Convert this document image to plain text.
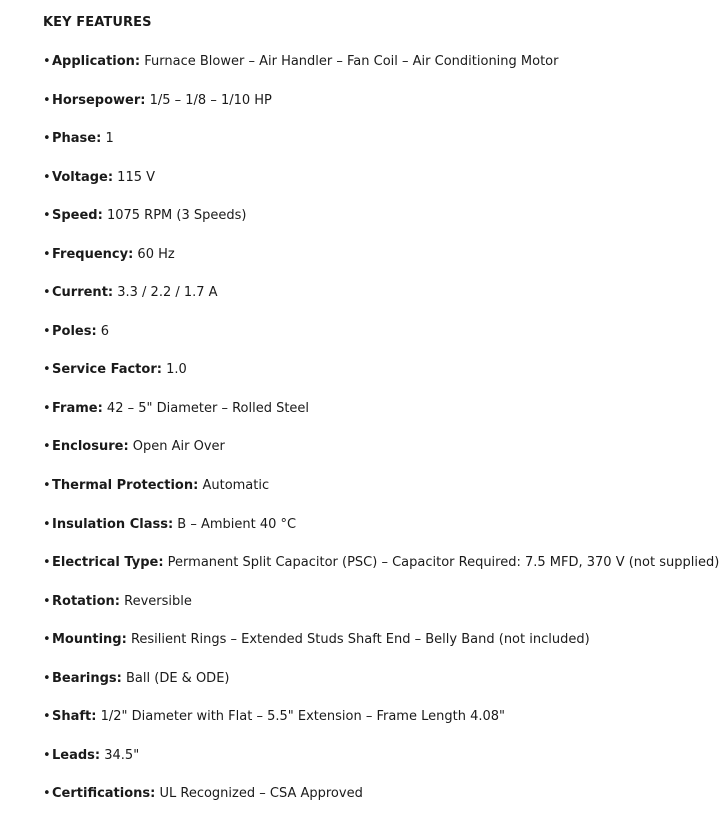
KEY FEATURES
•Application: Furnace Blower – Air Handler – Fan Coil – Air Conditioning Motor
•Horsepower: 1/5 – 1/8 – 1/10 HP
•Phase: 1
•Voltage: 115 V
•Speed: 1075 RPM (3 Speeds)
•Frequency: 60 Hz
•Current: 3.3 / 2.2 / 1.7 A
•Poles: 6
•Service Factor: 1.0
•Frame: 42 – 5" Diameter – Rolled Steel
•Enclosure: Open Air Over
•Thermal Protection: Automatic
•Insulation Class: B – Ambient 40 °C
•Electrical Type: Permanent Split Capacitor (PSC) – Capacitor Required: 7.5 MFD, 370 V (not supplied)
•Rotation: Reversible
•Mounting: Resilient Rings – Extended Studs Shaft End – Belly Band (not included)
•Bearings: Ball (DE & ODE)
•Shaft: 1/2" Diameter with Flat – 5.5" Extension – Frame Length 4.08"
•Leads: 34.5"
•Certifications: UL Recognized – CSA Approved
